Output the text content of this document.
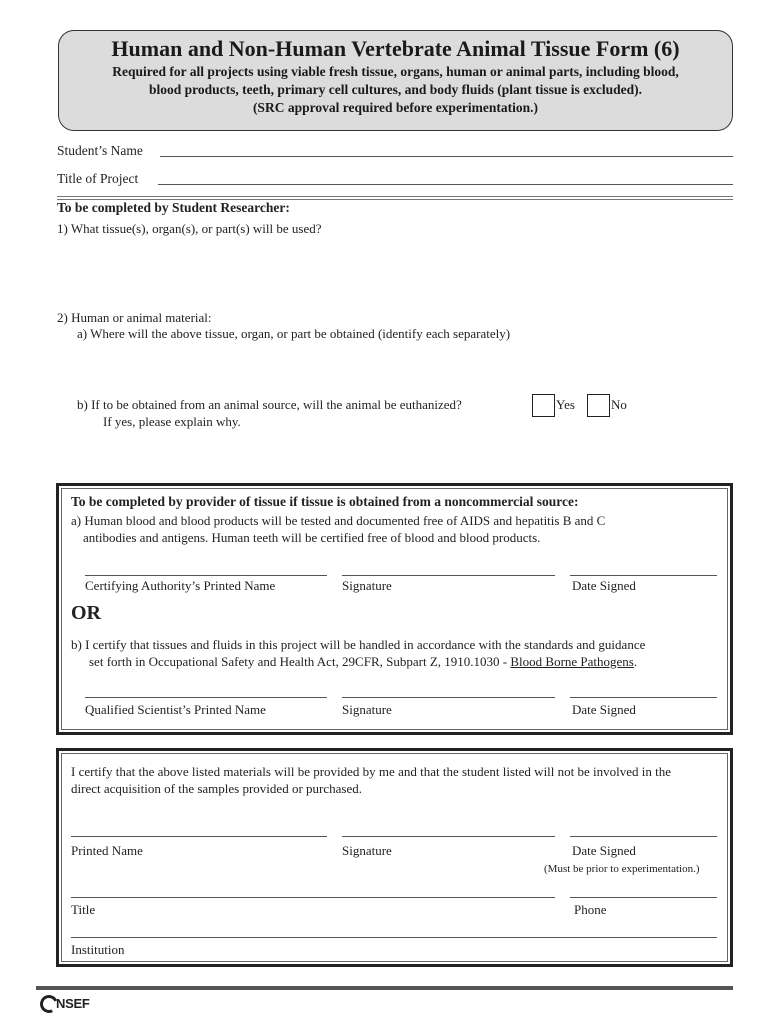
Human and Non-Human Vertebrate Animal Tissue Form (6)
Required for all projects using viable fresh tissue, organs, human or animal parts, including blood,
blood products, teeth, primary cell cultures, and body fluids (plant tissue is excluded).
(SRC approval required before experimentation.)
Student’s Name
Title of Project
To be completed by Student Researcher:
1) What tissue(s), organ(s), or part(s) will be used?
2) Human or animal material:
a) Where will the above tissue, organ, or part be obtained (identify each separately)
b) If to be obtained from an animal source, will the animal be euthanized?	Yes	No
If yes, please explain why.
To be completed by provider of tissue if tissue is obtained from a noncommercial source:
a) Human blood and blood products will be tested and documented free of AIDS and hepatitis B and C
antibodies and antigens. Human teeth will be certified free of blood and blood products.
Certifying Authority’s Printed Name	Signature	Date Signed
OR
b) I certify that tissues and fluids in this project will be handled in accordance with the standards and guidance
set forth in Occupational Safety and Health Act, 29CFR, Subpart Z, 1910.1030 - Blood Borne Pathogens.
Qualified Scientist’s Printed Name	Signature	Date Signed
I certify that the above listed materials will be provided by me and that the student listed will not be involved in the
direct acquisition of the samples provided or purchased.
Printed Name	Signature	Date Signed
(Must be prior to experimentation.)
Title	Phone
Institution
NSEF
